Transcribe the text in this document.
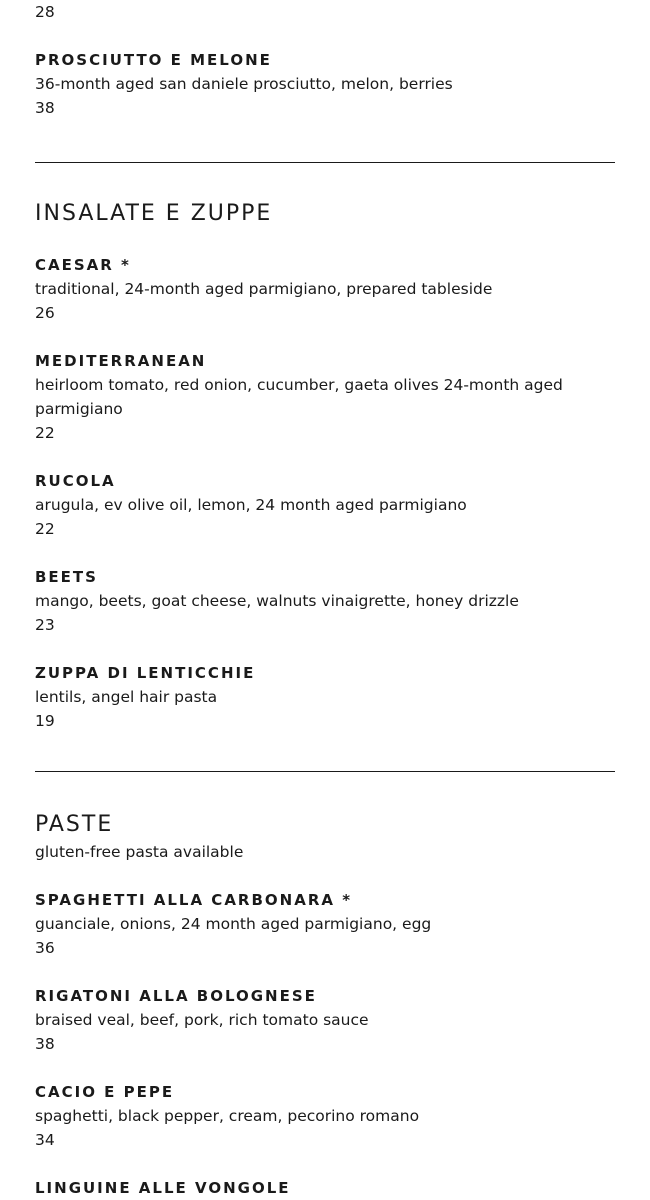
28
PROSCIUTTO E MELONE
36-month aged san daniele prosciutto, melon, berries
38
INSALATE E ZUPPE
CAESAR *
traditional, 24-month aged parmigiano, prepared tableside
26
MEDITERRANEAN
heirloom tomato, red onion, cucumber, gaeta olives 24-month aged parmigiano
22
RUCOLA
arugula, ev olive oil, lemon, 24 month aged parmigiano
22
BEETS
mango, beets, goat cheese, walnuts vinaigrette, honey drizzle
23
ZUPPA DI LENTICCHIE
lentils, angel hair pasta
19
PASTE
gluten-free pasta available
SPAGHETTI ALLA CARBONARA *
guanciale, onions, 24 month aged parmigiano, egg
36
RIGATONI ALLA BOLOGNESE
braised veal, beef, pork, rich tomato sauce
38
CACIO E PEPE
spaghetti, black pepper, cream, pecorino romano
34
LINGUINE ALLE VONGOLE
